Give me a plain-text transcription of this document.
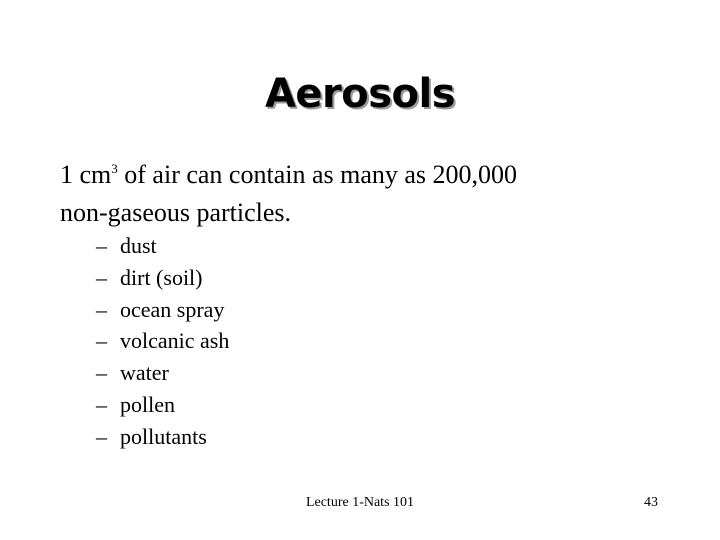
Aerosols
1 $cm^3$ of air can contain as many as 200,000
non-gaseous particles.
– dust
– dirt (soil)
– ocean spray
– volcanic ash
– water
– pollen
– pollutants
Lecture 1-Nats 101	43
